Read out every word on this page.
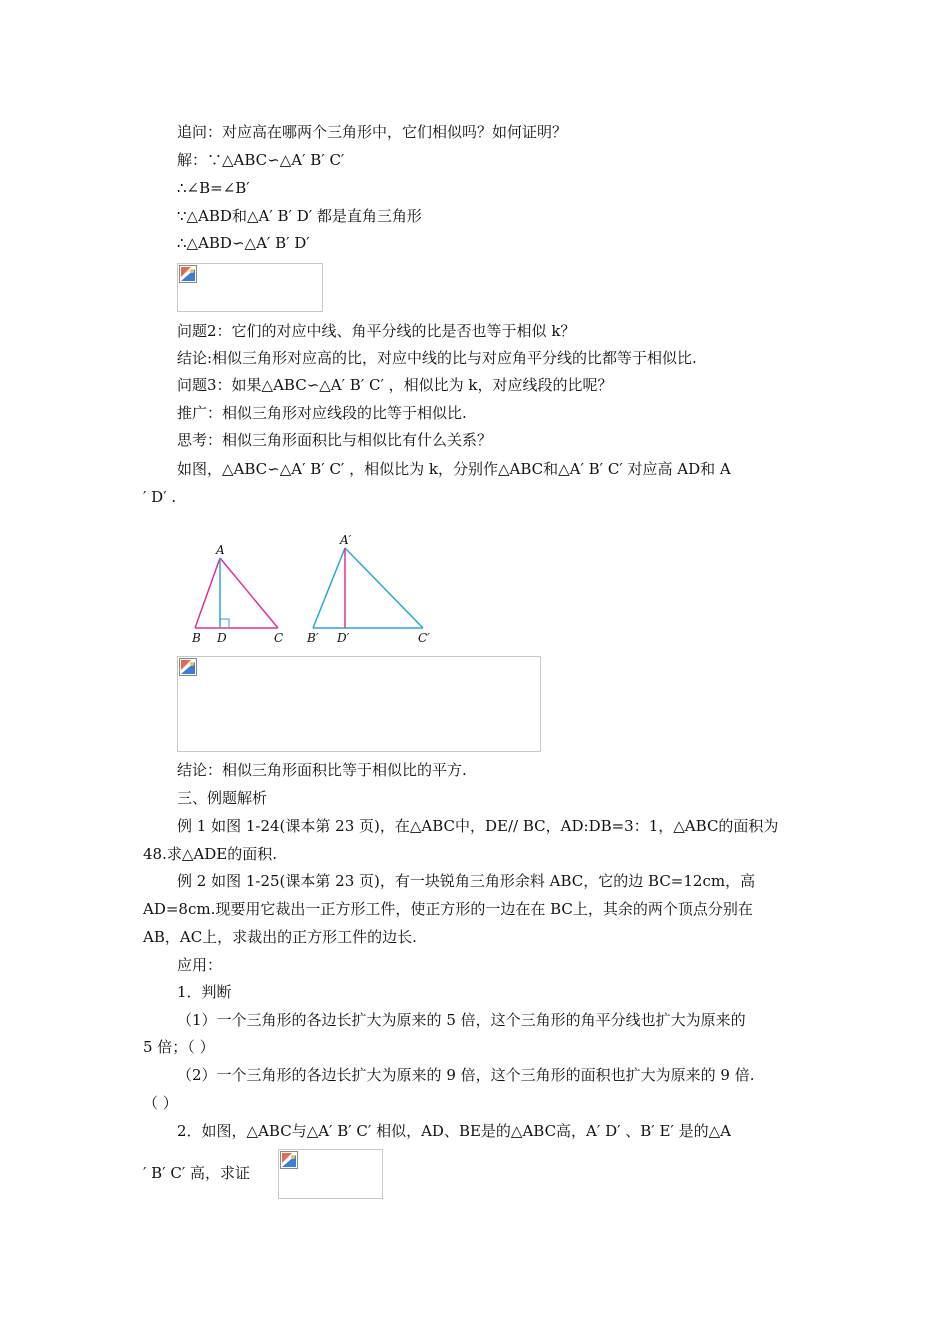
追问：对应高在哪两个三角形中，它们相似吗？如何证明？
解：∵△ABC∽△A′ B′ C′
∴∠B=∠B′
∵△ABD和△A′ B′ D′ 都是直角三角形
∴△ABD∽△A′ B′ D′
问题2：它们的对应中线、角平分线的比是否也等于相似 k？
结论:相似三角形对应高的比，对应中线的比与对应角平分线的比都等于相似比.
问题3：如果△ABC∽△A′ B′ C′ ，相似比为 k，对应线段的比呢？
推广：相似三角形对应线段的比等于相似比.
思考：相似三角形面积比与相似比有什么关系？
如图，△ABC∽△A′ B′ C′ ，相似比为 k，分别作△ABC和△A′ B′ C′ 对应高 AD和 A
′ D′ .
A
B D	C
A′
B′ D′	C′
结论：相似三角形面积比等于相似比的平方.
三、例题解析
例 1 如图 1-24(课本第 23 页)，在△ABC中，DE// BC，AD:DB=3：1，△ABC的面积为
48.求△ADE的面积.
例 2 如图 1-25(课本第 23 页)，有一块锐角三角形余料 ABC，它的边 BC=12cm，高
AD=8cm.现要用它裁出一正方形工件，使正方形的一边在在 BC上，其余的两个顶点分别在
AB，AC上，求裁出的正方形工件的边长.
应用：
1．判断
（1）一个三角形的各边长扩大为原来的 5 倍，这个三角形的角平分线也扩大为原来的
5 倍；（ ）
（2）一个三角形的各边长扩大为原来的 9 倍，这个三角形的面积也扩大为原来的 9 倍.
（ ）
2．如图，△ABC与△A′ B′ C′ 相似，AD、BE是的△ABC高，A′ D′ 、B′ E′ 是的△A
′ B′ C′ 高，求证
